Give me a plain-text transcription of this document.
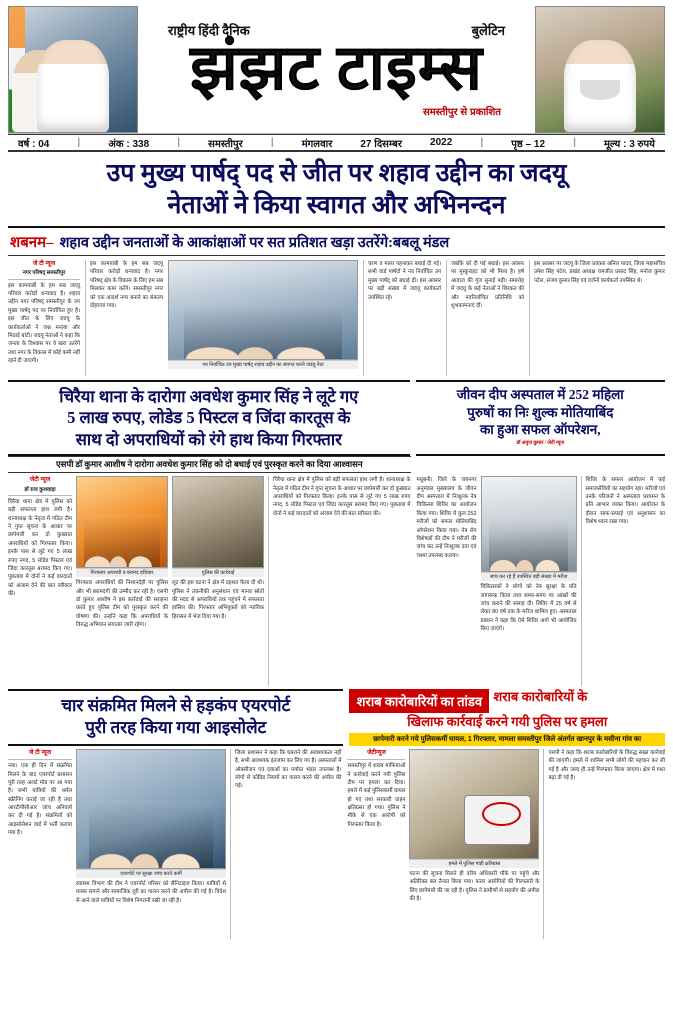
राष्ट्रीय हिंदी दैनिक	बुलेटिन
झंझट टाइम्स
समस्तीपुर से प्रकाशित
वर्ष : 04	|	अंक : 338	|	समस्तीपुर	|	मंगलवार	27 दिसम्बर	2022	|	पृष्ठ – 12	|	मूल्य : 3 रुपये
उप मुख्य पार्षद् पद से जीत पर शहाव उद्दीन का जदयू
नेताओं ने किया स्वागत और अभिनन्दन
शबनम– शहाव उद्दीन जनताओं के आकांक्षाओं पर सत प्रतिशत खड़ा उतरेंगे:बबलू मंडल
जे टी न्यूज
नगर परिषद् समस्तीपुर
इस कामयाबी के हम सब जदयू परिवार करोड़ों धन्यवाद है। शहाव उद्दीन नगर परिषद् समस्तीपुर के उप मुख्य पार्षद् पद पर निर्वाचित हुए हैं। इस जीत के लिए जदयू के कार्यकर्ताओं ने जश्न मनाया और मिठाई बांटी। जदयू नेताओं ने कहा कि जनता के विश्वास पर वे खरा उतरेंगे तथा नगर के विकास में कोई कमी नहीं रहने दी जाएगी।
इस कामयाबी के हम सब जदयू परिवार करोड़ों धन्यवाद है। नगर परिषद् क्षेत्र के विकास के लिए हम सब मिलकर काम करेंगे। समस्तीपुर नगर को एक आदर्श नगर बनाने का संकल्प दोहराया गया।
नव निर्वाचित उप मुख्य पार्षद् शहाव उद्दीन का स्वागत करते जदयू नेता
चरण व माला पहनाकर बधाई दी गई। सभी वार्ड पार्षदों ने नव निर्वाचित उप मुख्य पार्षद् को बधाई दी। इस अवसर पर बड़ी संख्या में जदयू कार्यकर्ता उपस्थित रहे।
जबकि को दी गई बधाई। इस अवसर पर मुस्कुराहट को भी मिला है। हर्ष आवाज़ की गूंज सुनाई पड़ी। समारोह में जदयू के कई नेताओं ने शिरकत की और नवनिर्वाचित प्रतिनिधि को शुभकामनाएं दीं।
इस अवसर पर जदयू के जिला प्रवक्ता अनिल यादव, जिला महासचिव उमेश सिंह पटेल, प्रखंड अध्यक्ष रामजीत प्रसाद सिंह, मनोज कुमार पटेल, संजय कुमार सिंह एवं दर्जनों कार्यकर्ता उपस्थित थे।
चिरैया थाना के दारोगा अवधेश कुमार सिंह ने लूटे गए
5 लाख रुपए, लोडेड 5 पिस्टल व जिंदा कारतूस के
साथ दो अपराधियों को रंगे हाथ किया गिरफ्तार
जीवन दीप अस्पताल में 252 महिला
पुरुषों का निः शुल्क मोतियाबिंद
का हुआ सफल ऑपरेशन,
डॉ अनुज कुमार / जेटी न्यूज
एसपी डॉ कुमार आशीष ने दारोगा अवधेश कुमार सिंह को दो बधाई एवं पुरस्कृत करने का दिया आश्वासन
जेटी न्यूज
डॉ राज कुशवाहा
चिरैया थाना क्षेत्र में पुलिस को बड़ी सफलता हाथ लगी है। थानाध्यक्ष के नेतृत्व में गठित टीम ने गुप्त सूचना के आधार पर छापेमारी कर दो कुख्यात अपराधियों को गिरफ्तार किया। इनके पास से लूटे गए 5 लाख रुपए नगद, 5 लोडेड पिस्टल एवं जिंदा कारतूस बरामद किए गए। पूछताछ में दोनों ने कई वारदातों को अंजाम देने की बात स्वीकार की।
गिरफ्तार अपराधी व बरामद हथियार
गिरफ्तार अपराधियों की निशानदेही पर पुलिस और भी बरामदगी की उम्मीद कर रही है। एसपी डॉ कुमार आशीष ने इस कार्रवाई की सराहना करते हुए पुलिस टीम को पुरस्कृत करने की घोषणा की। उन्होंने कहा कि अपराधियों के विरुद्ध अभियान लगातार जारी रहेगा।
पुलिस की कार्रवाई
लूट की इस घटना ने क्षेत्र में दहशत फैला दी थी। पुलिस ने तकनीकी अनुसंधान एवं मानव स्रोतों की मदद से अपराधियों तक पहुंचने में सफलता हासिल की। गिरफ्तार अभियुक्तों को न्यायिक हिरासत में भेज दिया गया है।
चिरैया थाना क्षेत्र में पुलिस को बड़ी सफलता हाथ लगी है। थानाध्यक्ष के नेतृत्व में गठित टीम ने गुप्त सूचना के आधार पर छापेमारी कर दो कुख्यात अपराधियों को गिरफ्तार किया। इनके पास से लूटे गए 5 लाख रुपए नगद, 5 लोडेड पिस्टल एवं जिंदा कारतूस बरामद किए गए। पूछताछ में दोनों ने कई वारदातों को अंजाम देने की बात स्वीकार की।
मधुबनी। जिले के जयनगर अनुमंडल मुख्यालय के जीवन दीप अस्पताल में निःशुल्क नेत्र चिकित्सा शिविर का आयोजन किया गया। शिविर में कुल 252 मरीजों को सफल मोतियाबिंद ऑपरेशन किया गया। नेत्र रोग विशेषज्ञों की टीम ने मरीजों की जांच कर उन्हें निःशुल्क दवा एवं चश्मा उपलब्ध कराया।
जांच कर रहे हैं उपस्थित बड़ी संख्या में मरीज
चिकित्सकों ने लोगों को नेत्र सुरक्षा के प्रति जागरूक किया तथा समय-समय पर आंखों की जांच कराने की सलाह दी। शिविर में 25 वर्ष से लेकर 80 वर्ष तक के मरीज शामिल हुए। अस्पताल प्रबंधन ने कहा कि ऐसे शिविर आगे भी आयोजित किए जाएंगे।
शिविर के सफल आयोजन में कई समाजसेवियों का सहयोग रहा। मरीजों एवं उनके परिजनों ने अस्पताल प्रशासन के प्रति आभार व्यक्त किया। आयोजन के दौरान साफ-सफाई एवं अनुशासन का विशेष ध्यान रखा गया।
चार संक्रमित मिलने से हड़कंप एयरपोर्ट
पुरी तरह किया गया आइसोलेट
शराब कारोबारियों का तांडव शराब कारोबारियों के
खिलाफ कार्रवाई करने गयी पुलिस पर हमला
छापेमारी करने गये पुलिसकर्मी घायल, 1 गिरफ्तार, मामला समस्तीपुर जिले अंतर्गत खानपुर के मसीना गांव का
जे टी न्यूज
नया। एक ही दिन में संक्रमित मिलने के बाद एयरपोर्ट प्रशासन पूरी तरह अलर्ट मोड पर आ गया है। सभी यात्रियों की थर्मल स्क्रीनिंग कराई जा रही है तथा आरटीपीसीआर जांच अनिवार्य कर दी गई है। संक्रमितों को आइसोलेशन वार्ड में भर्ती कराया गया है।
एयरपोर्ट पर सुरक्षा जांच करते कर्मी
स्वास्थ्य विभाग की टीम ने एयरपोर्ट परिसर को सैनिटाइज किया। यात्रियों से मास्क लगाने और सामाजिक दूरी का पालन करने की अपील की गई है। विदेश से आने वाले यात्रियों पर विशेष निगरानी रखी जा रही है।
जिला प्रशासन ने कहा कि घबराने की आवश्यकता नहीं है, सभी आवश्यक इंतजाम कर लिए गए हैं। अस्पतालों में ऑक्सीजन एवं दवाओं का पर्याप्त भंडार उपलब्ध है। लोगों से कोविड नियमों का पालन करने की अपील की गई।
जेटीन्यूज
समस्तीपुर में शराब माफियाओं ने कार्रवाई करने गयी पुलिस टीम पर हमला कर दिया। हमले में कई पुलिसकर्मी घायल हो गए तथा सरकारी वाहन क्षतिग्रस्त हो गया। पुलिस ने मौके से एक आरोपी को गिरफ्तार किया है।
हमले में पुलिस गाड़ी क्षतिग्रस्त
घटना की सूचना मिलते ही वरीय अधिकारी मौके पर पहुंचे और अतिरिक्त बल तैनात किया गया। फरार आरोपियों की गिरफ्तारी के लिए छापेमारी की जा रही है। पुलिस ने ग्रामीणों से सहयोग की अपील की है।
एसपी ने कहा कि शराब कारोबारियों के विरुद्ध सख्त कार्रवाई की जाएगी। हमले में शामिल सभी लोगों की पहचान कर ली गई है और जल्द ही उन्हें गिरफ्तार किया जाएगा। क्षेत्र में गश्त बढ़ा दी गई है।
